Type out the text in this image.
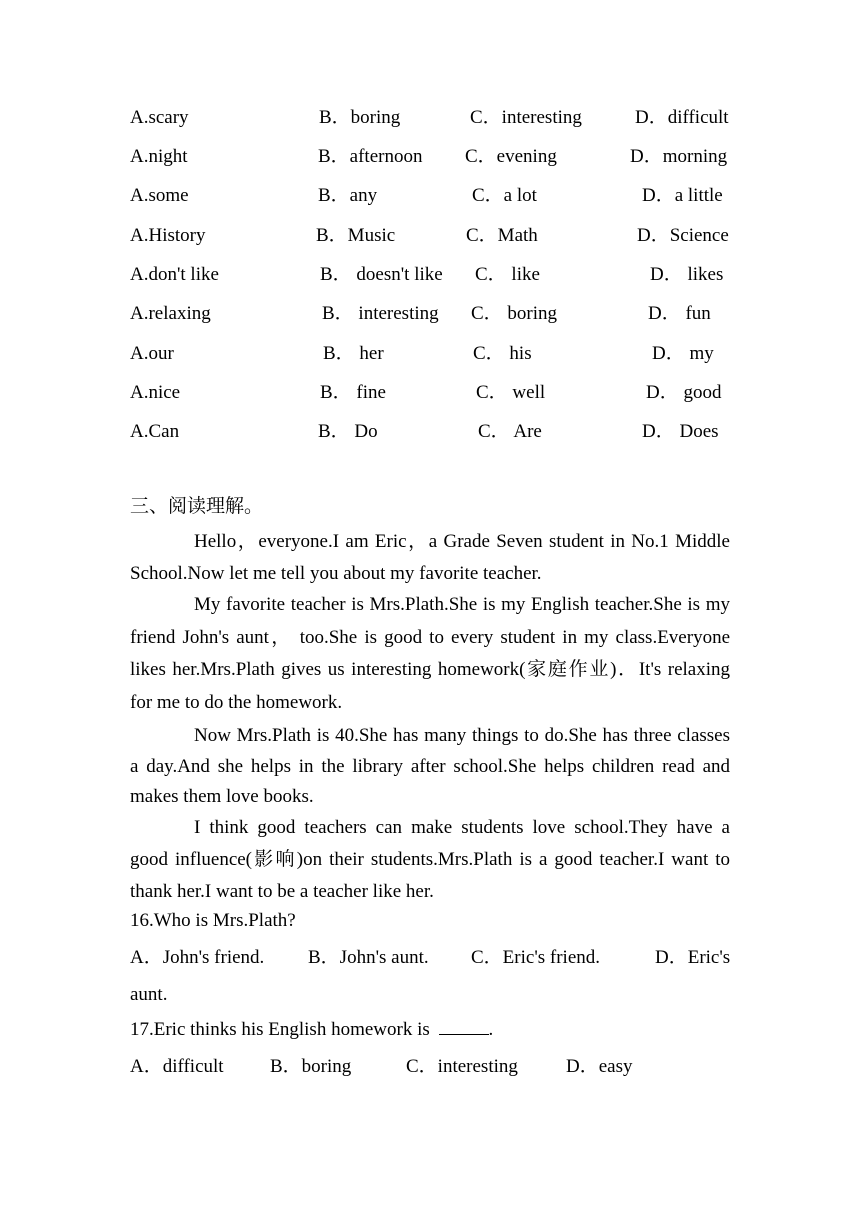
A.scary	B．boring	C．interesting	D．difficult
A.night	B．afternoon C．evening	D．morning
A.some	B．any	C．a lot	D．a little
A.History	B．Music	C．Math	D．Science
A.don't like	B． doesn't like C． like	D． likes
A.relaxing	B． interesting C． boring	D． fun
A.our	B． her	C． his	D． my
A.nice	B． fine	C． well	D． good
A.Can	B． Do	C． Are	D． Does
三、阅读理解。

Hello，everyone.I am Eric，a Grade Seven student in No.1 Middle School.Now let me tell you about my favorite teacher.

My favorite teacher is Mrs.Plath.She is my English teacher.She is my friend John's aunt， too.She is good to every student in my class.Everyone likes her.Mrs.Plath gives us interesting homework(家庭作业)．It's relaxing for me to do the homework.

Now Mrs.Plath is 40.She has many things to do.She has three classes a day.And she helps in the library after school.She helps children read and makes them love books.

I think good teachers can make students love school.They have a good influence(影响)on their students.Mrs.Plath is a good teacher.I want to thank her.I want to be a teacher like her.

16.Who is Mrs.Plath?
A．John's friend. B．John's aunt. C．Eric's friend.	D．Eric's
aunt.
17.Eric thinks his English homework is	.
A．difficult B．boring	C．interesting	D．easy
